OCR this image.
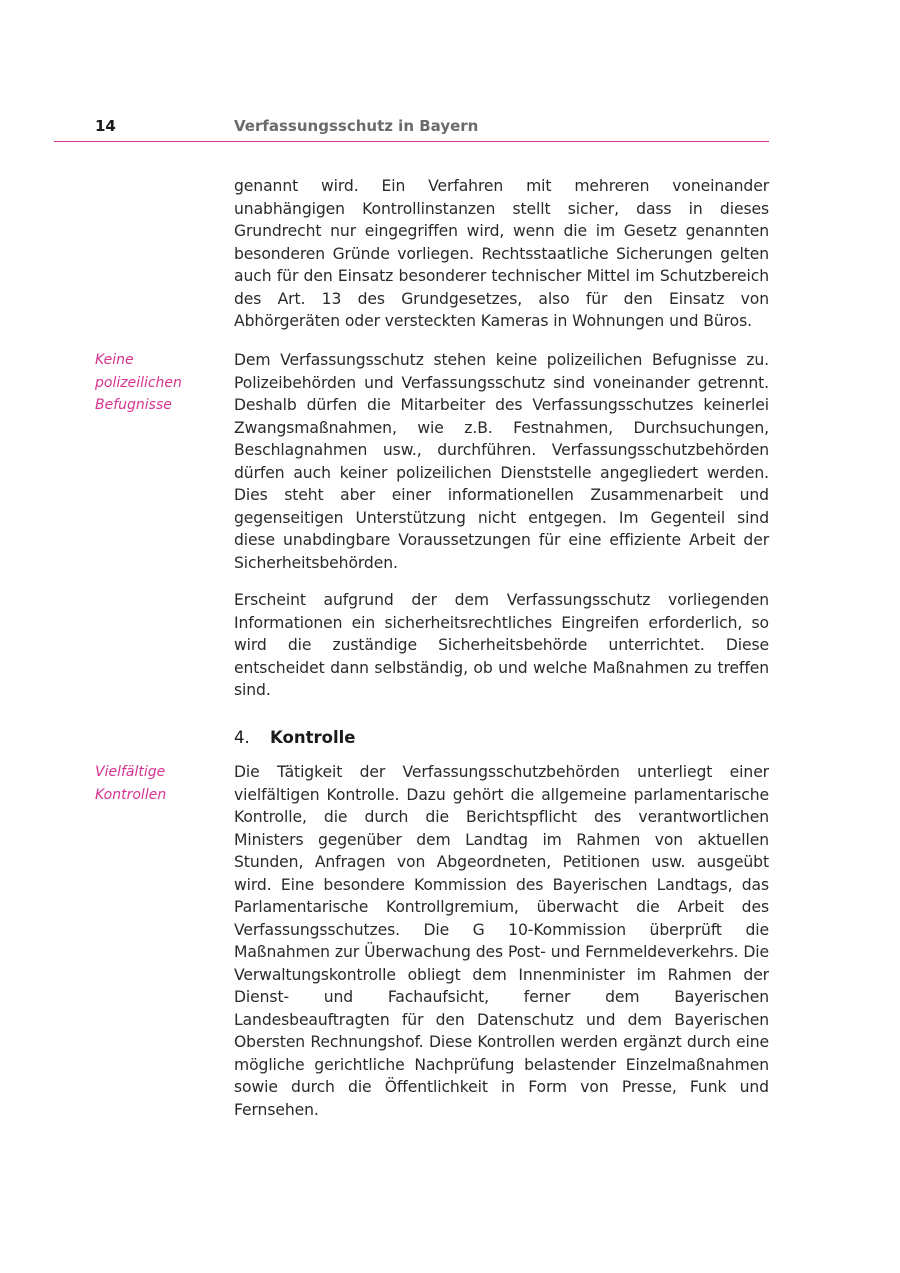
14	Verfassungsschutz in Bayern

genannt wird. Ein Verfahren mit mehreren voneinander unabhängigen Kontrollinstanzen stellt sicher, dass in dieses Grundrecht nur eingegriffen wird, wenn die im Gesetz genannten besonderen Gründe vorliegen. Rechtsstaatliche Sicherungen gelten auch für den Einsatz besonderer technischer Mittel im Schutzbereich des Art. 13 des Grundgesetzes, also für den Einsatz von Abhörgeräten oder versteckten Kameras in Wohnungen und Büros.

Keine polizeilichen Befugnisse

Dem Verfassungsschutz stehen keine polizeilichen Befugnisse zu. Polizeibehörden und Verfassungsschutz sind voneinander getrennt. Deshalb dürfen die Mitarbeiter des Verfassungsschutzes keinerlei Zwangsmaßnahmen, wie z.B. Festnahmen, Durchsuchungen, Beschlagnahmen usw., durchführen. Verfassungsschutzbehörden dürfen auch keiner polizeilichen Dienststelle angegliedert werden. Dies steht aber einer informationellen Zusammenarbeit und gegenseitigen Unterstützung nicht entgegen. Im Gegenteil sind diese unabdingbare Voraussetzungen für eine effiziente Arbeit der Sicherheitsbehörden.

Erscheint aufgrund der dem Verfassungsschutz vorliegenden Informationen ein sicherheitsrechtliches Eingreifen erforderlich, so wird die zuständige Sicherheitsbehörde unterrichtet. Diese entscheidet dann selbständig, ob und welche Maßnahmen zu treffen sind.

4. Kontrolle

Vielfältige Kontrollen

Die Tätigkeit der Verfassungsschutzbehörden unterliegt einer vielfältigen Kontrolle. Dazu gehört die allgemeine parlamentarische Kontrolle, die durch die Berichtspflicht des verantwortlichen Ministers gegenüber dem Landtag im Rahmen von aktuellen Stunden, Anfragen von Abgeordneten, Petitionen usw. ausgeübt wird. Eine besondere Kommission des Bayerischen Landtags, das Parlamentarische Kontrollgremium, überwacht die Arbeit des Verfassungsschutzes. Die G 10-Kommission überprüft die Maßnahmen zur Überwachung des Post- und Fernmeldeverkehrs. Die Verwaltungskontrolle obliegt dem Innenminister im Rahmen der Dienst- und Fachaufsicht, ferner dem Bayerischen Landesbeauftragten für den Datenschutz und dem Bayerischen Obersten Rechnungshof. Diese Kontrollen werden ergänzt durch eine mögliche gerichtliche Nachprüfung belastender Einzelmaßnahmen sowie durch die Öffentlichkeit in Form von Presse, Funk und Fernsehen.
